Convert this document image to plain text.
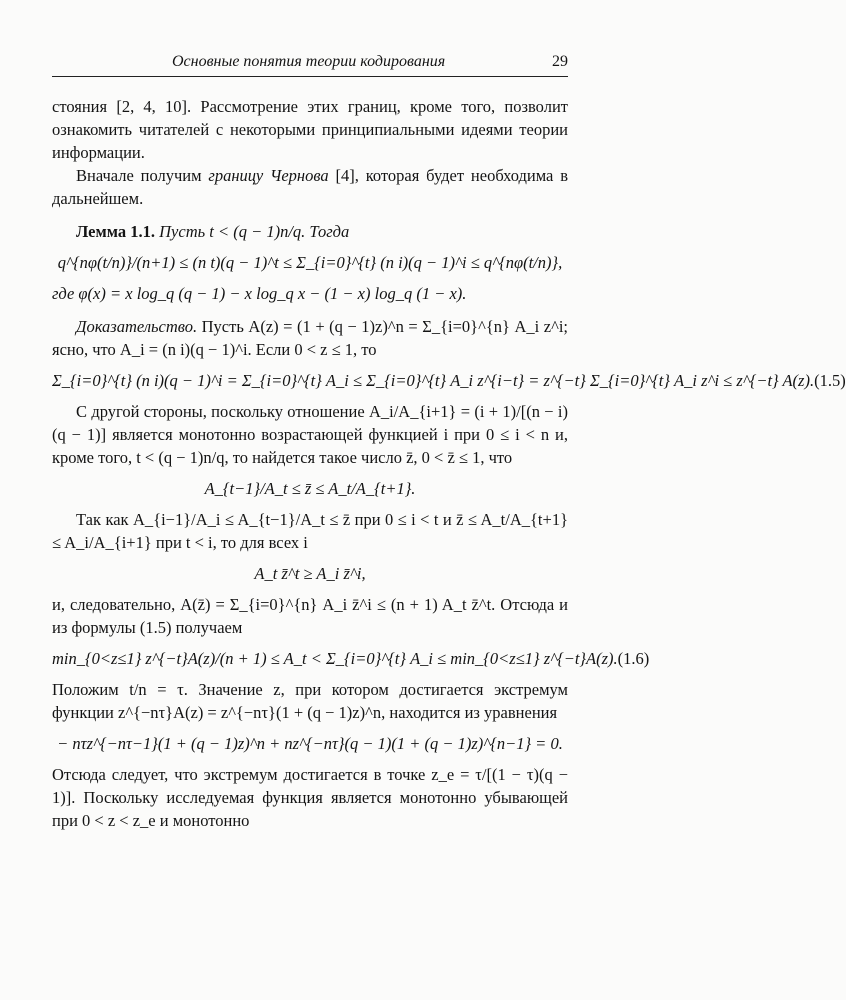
Основные понятия теории кодирования	29

стояния [2, 4, 10]. Рассмотрение этих границ, кроме того, позволит ознакомить читателей с некоторыми принципиальными идеями теории информации.

Вначале получим границу Чернова [4], которая будет необходима в дальнейшем.

Лемма 1.1. Пусть t < (q − 1)n/q. Тогда

q^{nφ(t/n)}/(n+1) ≤ (n t)(q − 1)^t ≤ Σ_{i=0}^{t} (n i)(q − 1)^i ≤ q^{nφ(t/n)},

где φ(x) = x log_q (q − 1) − x log_q x − (1 − x) log_q (1 − x).

Доказательство. Пусть A(z) = (1 + (q − 1)z)^n = Σ_{i=0}^{n} A_i z^i; ясно, что A_i = (n i)(q − 1)^i. Если 0 < z ≤ 1, то

Σ_{i=0}^{t} (n i)(q − 1)^i = Σ_{i=0}^{t} A_i ≤ Σ_{i=0}^{t} A_i z^{i−t} = z^{−t} Σ_{i=0}^{t} A_i z^i ≤ z^{−t} A(z). (1.5)

С другой стороны, поскольку отношение A_i/A_{i+1} = (i + 1)/[(n − i)(q − 1)] является монотонно возрастающей функцией i при 0 ≤ i < n и, кроме того, t < (q − 1)n/q, то найдется такое число z̄, 0 < z̄ ≤ 1, что

A_{t−1}/A_t ≤ z̄ ≤ A_t/A_{t+1}.

Так как A_{i−1}/A_i ≤ A_{t−1}/A_t ≤ z̄ при 0 ≤ i < t и z̄ ≤ A_t/A_{t+1} ≤ A_i/A_{i+1} при t < i, то для всех i

A_t z̄^t ≥ A_i z̄^i,

и, следовательно, A(z̄) = Σ_{i=0}^{n} A_i z̄^i ≤ (n + 1) A_t z̄^t. Отсюда и из формулы (1.5) получаем

min_{0<z≤1} z^{−t}A(z)/(n + 1) ≤ A_t < Σ_{i=0}^{t} A_i ≤ min_{0<z≤1} z^{−t}A(z). (1.6)

Положим t/n = τ. Значение z, при котором достигается экстремум функции z^{−nτ}A(z) = z^{−nτ}(1 + (q − 1)z)^n, находится из уравнения

− nτz^{−nτ−1}(1 + (q − 1)z)^n + nz^{−nτ}(q − 1)(1 + (q − 1)z)^{n−1} = 0.

Отсюда следует, что экстремум достигается в точке z_e = τ/[(1 − τ)(q − 1)]. Поскольку исследуемая функция является монотонно убывающей при 0 < z < z_e и монотонно
